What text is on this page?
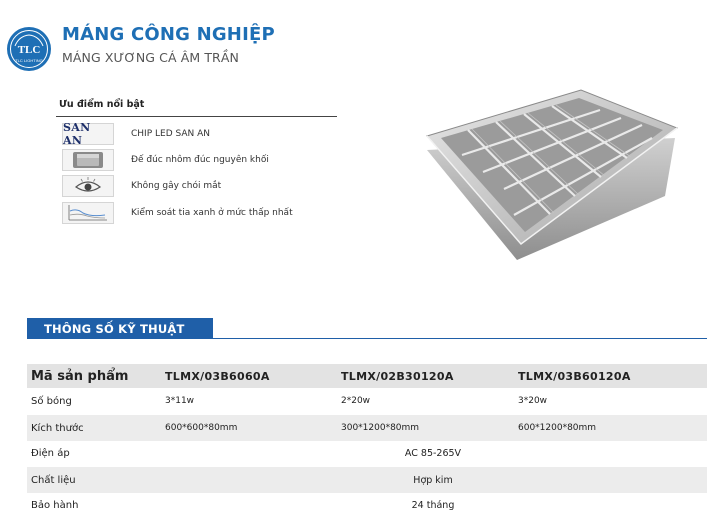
TLC
TLC LIGHTING
MÁNG CÔNG NGHIỆP
MÁNG XƯƠNG CÁ ÂM TRẦN
Ưu điểm nổi bật
SAN AN	CHIP LED SAN AN
Đế đúc nhôm đúc nguyên khối
Không gây chói mắt
Kiểm soát tia xanh ở mức thấp nhất
THÔNG SỐ KỸ THUẬT
Mã sản phẩm	TLMX/03B6060A	TLMX/02B30120A	TLMX/03B60120A
Số bóng	3*11w	2*20w	3*20w
Kích thước	600*600*80mm	300*1200*80mm	600*1200*80mm
Điện áp	AC 85-265V
Chất liệu	Hợp kim
Bảo hành	24 tháng
